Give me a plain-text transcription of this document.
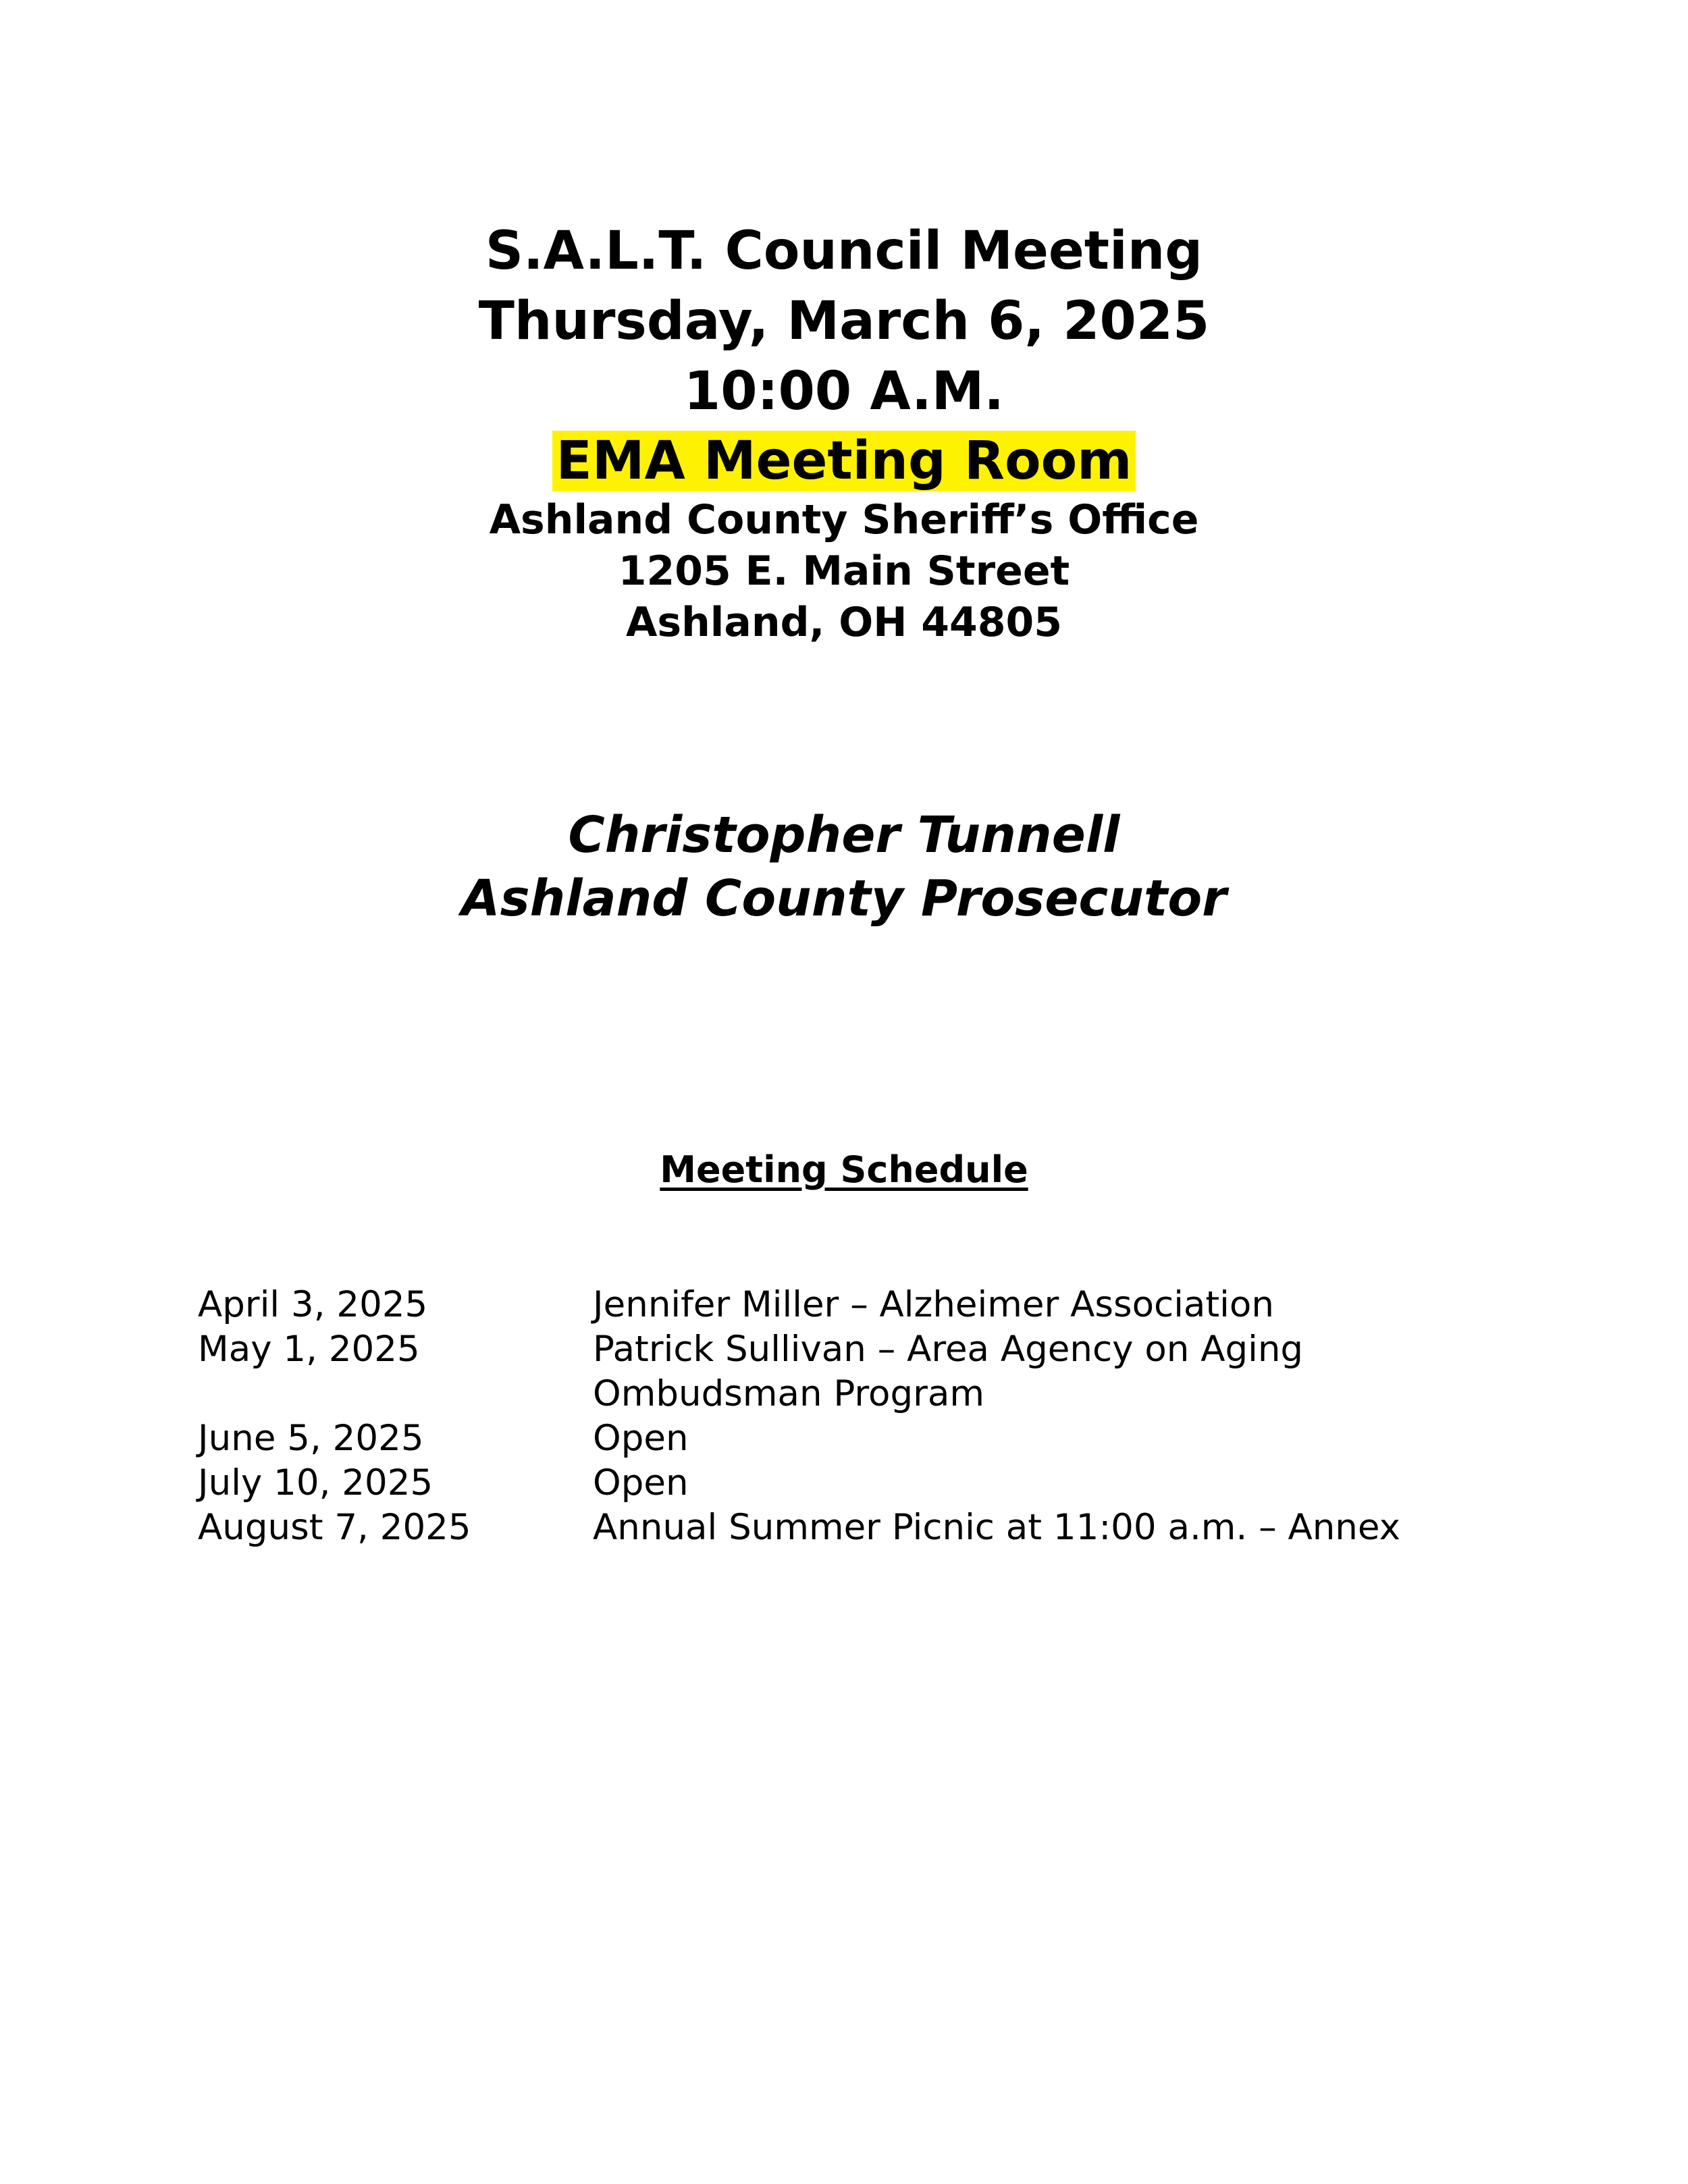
S.A.L.T. Council Meeting
Thursday, March 6, 2025
10:00 A.M.
EMA Meeting Room
Ashland County Sheriff’s Office
1205 E. Main Street
Ashland, OH 44805
Christopher Tunnell
Ashland County Prosecutor
Meeting Schedule
April 3, 2025	Jennifer Miller – Alzheimer Association
May 1, 2025	Patrick Sullivan – Area Agency on Aging
Ombudsman Program
June 5, 2025	Open
July 10, 2025	Open
August 7, 2025	Annual Summer Picnic at 11:00 a.m. – Annex
